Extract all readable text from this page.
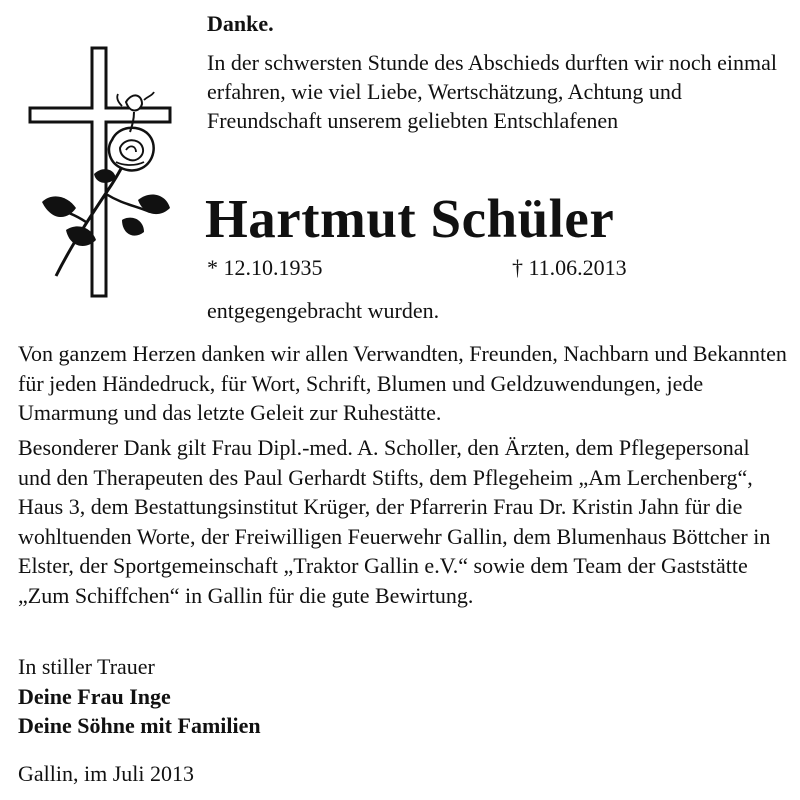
Danke.
In der schwersten Stunde des Abschieds durften wir noch einmal erfahren, wie viel Liebe, Wertschätzung, Achtung und Freundschaft unserem geliebten Entschlafenen
Hartmut Schüler
* 12.10.1935	† 11.06.2013
entgegengebracht wurden.
Von ganzem Herzen danken wir allen Verwandten, Freunden, Nachbarn und Bekannten für jeden Händedruck, für Wort, Schrift, Blumen und Geldzuwendungen, jede Umarmung und das letzte Geleit zur Ruhestätte.
Besonderer Dank gilt Frau Dipl.-med. A. Scholler, den Ärzten, dem Pflegepersonal und den Therapeuten des Paul Gerhardt Stifts, dem Pflegeheim „Am Lerchenberg“, Haus 3, dem Bestattungsinstitut Krüger, der Pfarrerin Frau Dr. Kristin Jahn für die wohltuenden Worte, der Freiwilligen Feuerwehr Gallin, dem Blumenhaus Böttcher in Elster, der Sportgemeinschaft „Traktor Gallin e.V.“ sowie dem Team der Gaststätte „Zum Schiffchen“ in Gallin für die gute Bewirtung.
In stiller Trauer
Deine Frau Inge
Deine Söhne mit Familien
Gallin, im Juli 2013
